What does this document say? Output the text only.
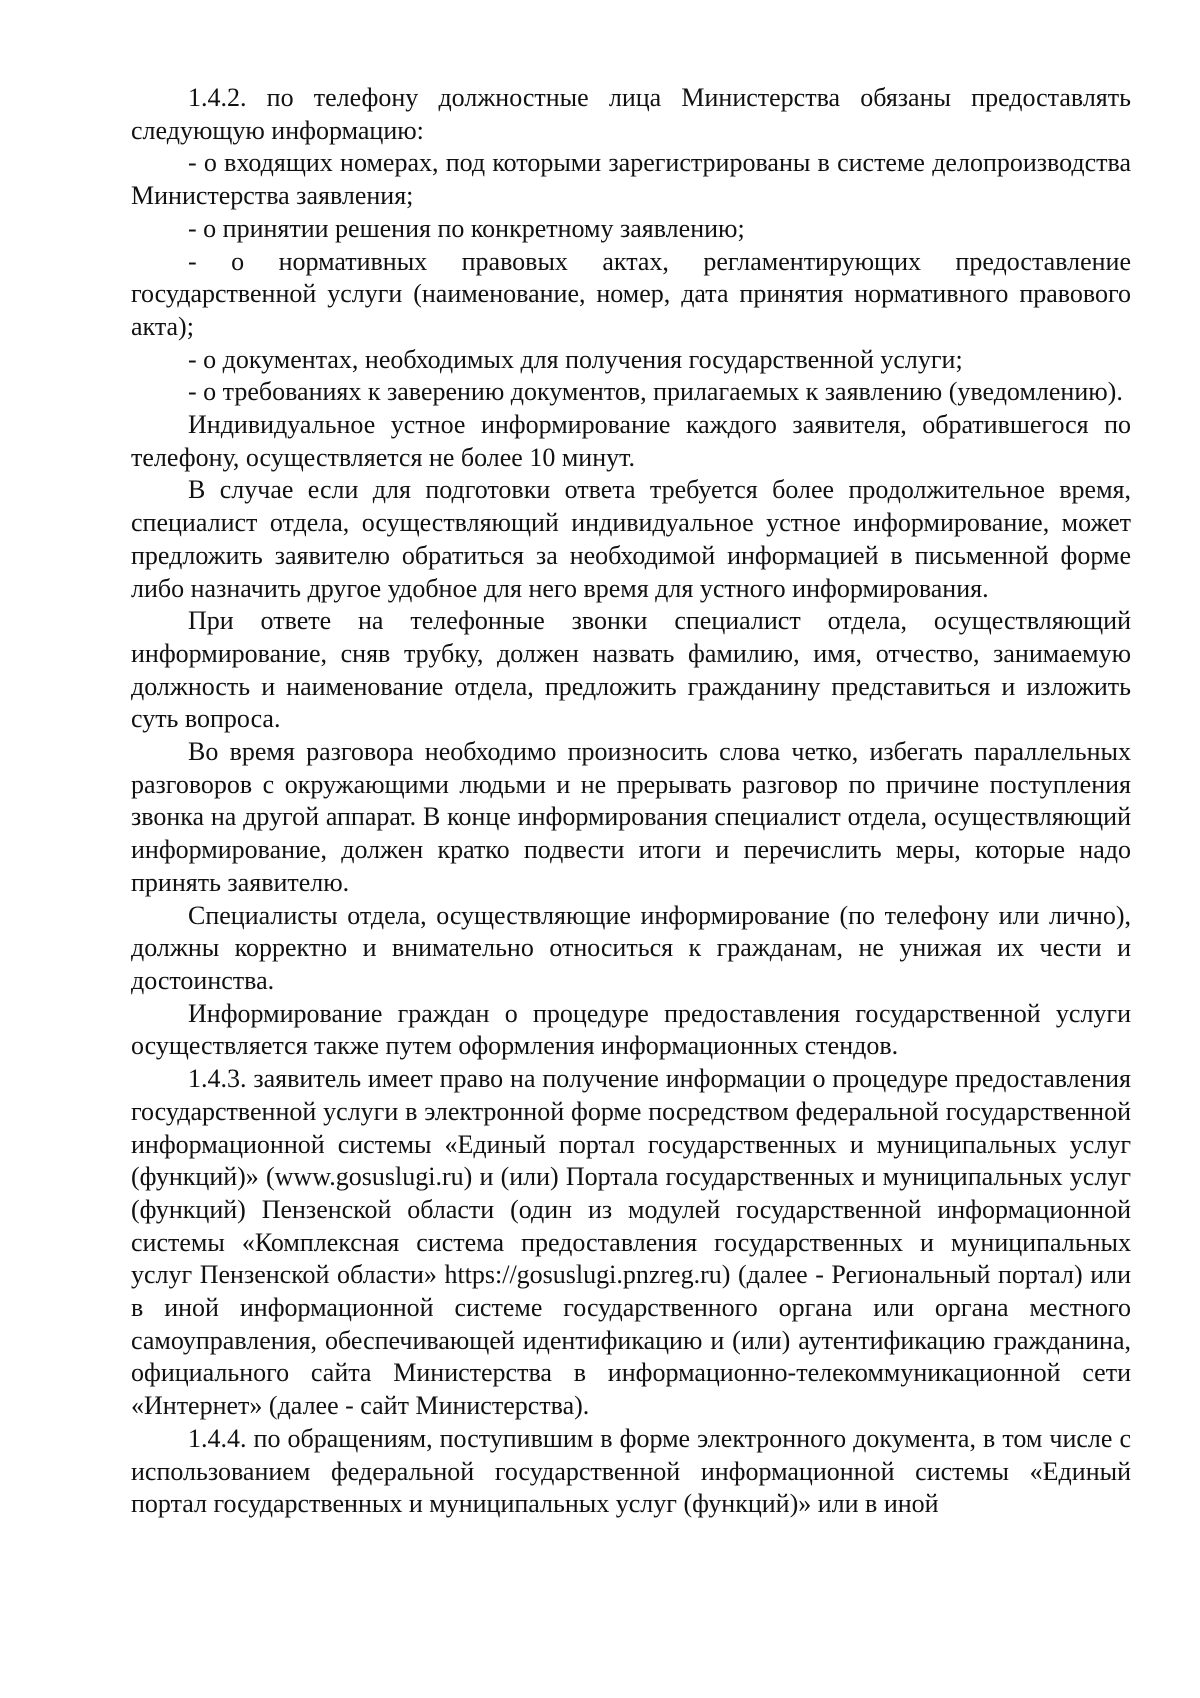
1.4.2. по телефону должностные лица Министерства обязаны предоставлять следующую информацию:

- о входящих номерах, под которыми зарегистрированы в системе делопроизводства Министерства заявления;

- о принятии решения по конкретному заявлению;

- о нормативных правовых актах, регламентирующих предоставление государственной услуги (наименование, номер, дата принятия нормативного правового акта);

- о документах, необходимых для получения государственной услуги;

- о требованиях к заверению документов, прилагаемых к заявлению (уведомлению).

Индивидуальное устное информирование каждого заявителя, обратившегося по телефону, осуществляется не более 10 минут.

В случае если для подготовки ответа требуется более продолжительное время, специалист отдела, осуществляющий индивидуальное устное информирование, может предложить заявителю обратиться за необходимой информацией в письменной форме либо назначить другое удобное для него время для устного информирования.

При ответе на телефонные звонки специалист отдела, осуществляющий информирование, сняв трубку, должен назвать фамилию, имя, отчество, занимаемую должность и наименование отдела, предложить гражданину представиться и изложить суть вопроса.

Во время разговора необходимо произносить слова четко, избегать параллельных разговоров с окружающими людьми и не прерывать разговор по причине поступления звонка на другой аппарат. В конце информирования специалист отдела, осуществляющий информирование, должен кратко подвести итоги и перечислить меры, которые надо принять заявителю.

Специалисты отдела, осуществляющие информирование (по телефону или лично), должны корректно и внимательно относиться к гражданам, не унижая их чести и достоинства.

Информирование граждан о процедуре предоставления государственной услуги осуществляется также путем оформления информационных стендов.

1.4.3. заявитель имеет право на получение информации о процедуре предоставления государственной услуги в электронной форме посредством федеральной государственной информационной системы «Единый портал государственных и муниципальных услуг (функций)» (www.gosuslugi.ru) и (или) Портала государственных и муниципальных услуг (функций) Пензенской области (один из модулей государственной информационной системы «Комплексная система предоставления государственных и муниципальных услуг Пензенской области» https://gosuslugi.pnzreg.ru) (далее - Региональный портал) или в иной информационной системе государственного органа или органа местного самоуправления, обеспечивающей идентификацию и (или) аутентификацию гражданина, официального сайта Министерства в информационно-телекоммуникационной сети «Интернет» (далее - сайт Министерства).

1.4.4. по обращениям, поступившим в форме электронного документа, в том числе с использованием федеральной государственной информационной системы «Единый портал государственных и муниципальных услуг (функций)» или в иной
